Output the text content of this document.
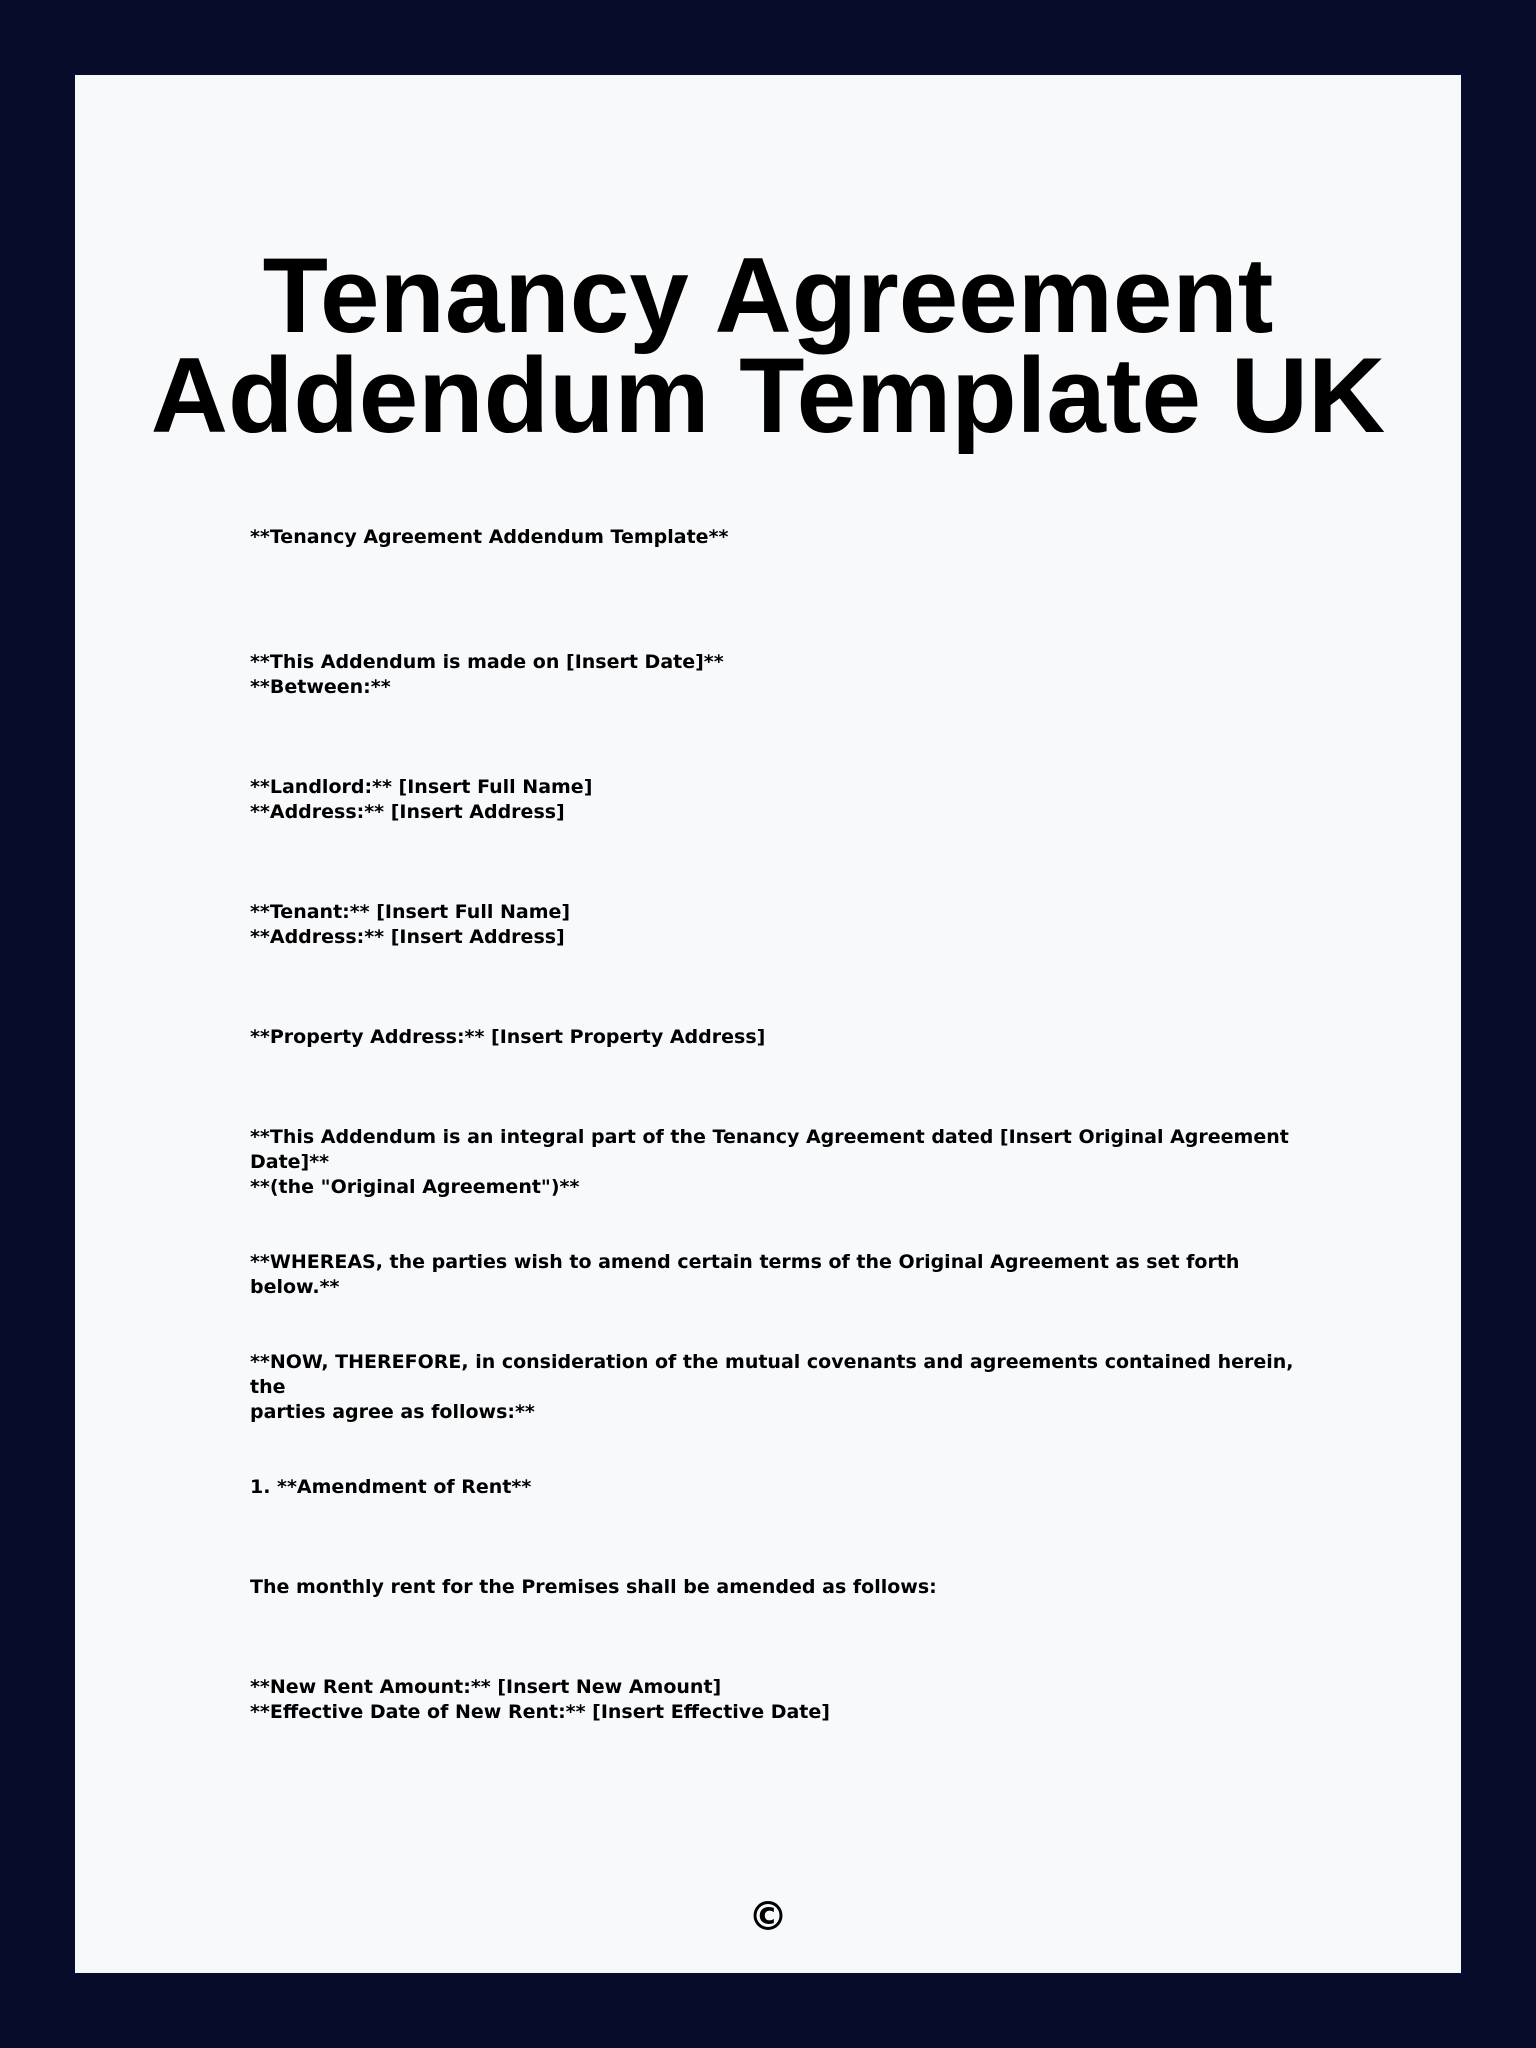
Tenancy Agreement
Addendum Template UK

**Tenancy Agreement Addendum Template**

**This Addendum is made on [Insert Date]**
**Between:**

**Landlord:** [Insert Full Name]
**Address:** [Insert Address]

**Tenant:** [Insert Full Name]
**Address:** [Insert Address]

**Property Address:** [Insert Property Address]

**This Addendum is an integral part of the Tenancy Agreement dated [Insert Original Agreement Date]**
**(the "Original Agreement")**

**WHEREAS, the parties wish to amend certain terms of the Original Agreement as set forth below.**

**NOW, THEREFORE, in consideration of the mutual covenants and agreements contained herein, the
parties agree as follows:**

1. **Amendment of Rent**

The monthly rent for the Premises shall be amended as follows:

**New Rent Amount:** [Insert New Amount]
**Effective Date of New Rent:** [Insert Effective Date]

©
